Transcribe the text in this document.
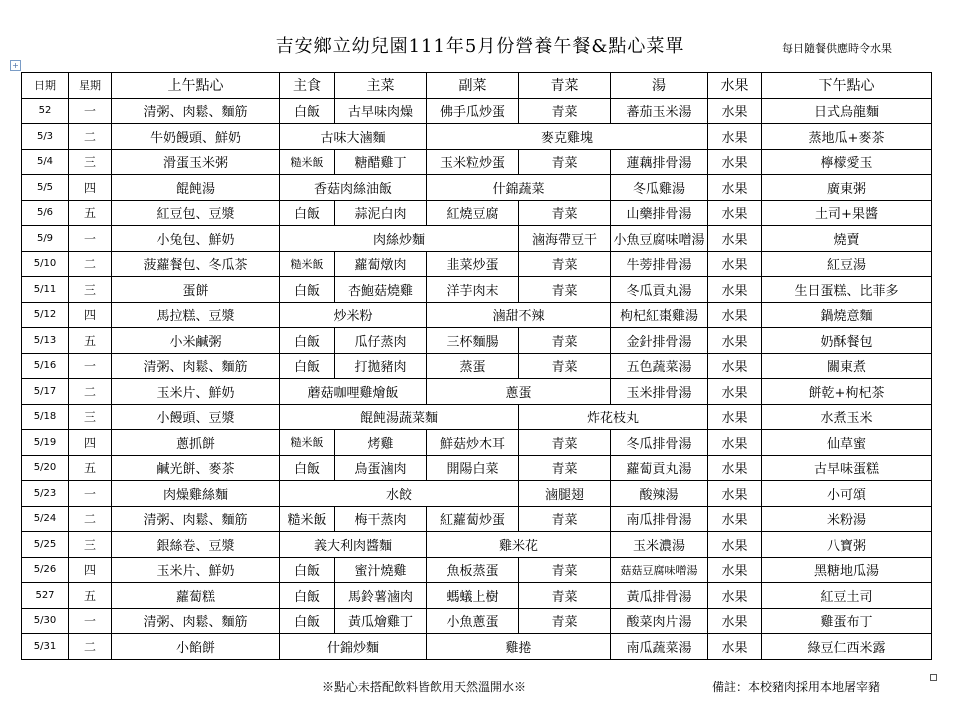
吉安鄉立幼兒園111年5月份營養午餐&點心菜單	每日隨餐供應時令水果
+
日期	星期	上午點心	主食	主菜	副菜	青菜	湯	水果	下午點心
52	一	清粥、肉鬆、麵筋	白飯	古早味肉燥	佛手瓜炒蛋	青菜	蕃茄玉米湯	水果	日式烏龍麵
5/3	二	牛奶饅頭、鮮奶	古味大滷麵		麥克雞塊			水果	蒸地瓜+麥茶
5/4	三	滑蛋玉米粥	糙米飯	糖醋雞丁	玉米粒炒蛋	青菜	蓮藕排骨湯	水果	檸檬愛玉
5/5	四	餛飩湯	香菇肉絲油飯		什錦蔬菜		冬瓜雞湯	水果	廣東粥
5/6	五	紅豆包、豆漿	白飯	蒜泥白肉	紅燒豆腐	青菜	山藥排骨湯	水果	土司+果醬
5/9	一	小兔包、鮮奶	肉絲炒麵			滷海帶豆干	小魚豆腐味噌湯	水果	燒賣
5/10	二	菠蘿餐包、冬瓜茶	糙米飯	蘿蔔燉肉	韭菜炒蛋	青菜	牛蒡排骨湯	水果	紅豆湯
5/11	三	蛋餅	白飯	杏鮑菇燒雞	洋芋肉末	青菜	冬瓜貢丸湯	水果	生日蛋糕、比菲多
5/12	四	馬拉糕、豆漿	炒米粉		滷甜不辣		枸杞紅棗雞湯	水果	鍋燒意麵
5/13	五	小米鹹粥	白飯	瓜仔蒸肉	三杯麵腸	青菜	金針排骨湯	水果	奶酥餐包
5/16	一	清粥、肉鬆、麵筋	白飯	打拋豬肉	蒸蛋	青菜	五色蔬菜湯	水果	關東煮
5/17	二	玉米片、鮮奶	蘑菇咖哩雞燴飯		蔥蛋		玉米排骨湯	水果	餅乾+枸杞茶
5/18	三	小饅頭、豆漿	餛飩湯蔬菜麵			炸花枝丸		水果	水煮玉米
5/19	四	蔥抓餅	糙米飯	烤雞	鮮菇炒木耳	青菜	冬瓜排骨湯	水果	仙草蜜
5/20	五	鹹光餅、麥茶	白飯	鳥蛋滷肉	開陽白菜	青菜	蘿蔔貢丸湯	水果	古早味蛋糕
5/23	一	肉燥雞絲麵	水餃			滷腿翅	酸辣湯	水果	小可頌
5/24	二	清粥、肉鬆、麵筋	糙米飯	梅干蒸肉	紅蘿蔔炒蛋	青菜	南瓜排骨湯	水果	米粉湯
5/25	三	銀絲卷、豆漿	義大利肉醬麵		雞米花		玉米濃湯	水果	八寶粥
5/26	四	玉米片、鮮奶	白飯	蜜汁燒雞	魚板蒸蛋	青菜	菇菇豆腐味噌湯	水果	黑糖地瓜湯
527	五	蘿蔔糕	白飯	馬鈴薯滷肉	螞蟻上樹	青菜	黃瓜排骨湯	水果	紅豆土司
5/30	一	清粥、肉鬆、麵筋	白飯	黃瓜燴雞丁	小魚蔥蛋	青菜	酸菜肉片湯	水果	雞蛋布丁
5/31	二	小餡餅	什錦炒麵		雞捲		南瓜蔬菜湯	水果	綠豆仁西米露
※點心未搭配飲料皆飲用天然溫開水※	備註：本校豬肉採用本地屠宰豬
